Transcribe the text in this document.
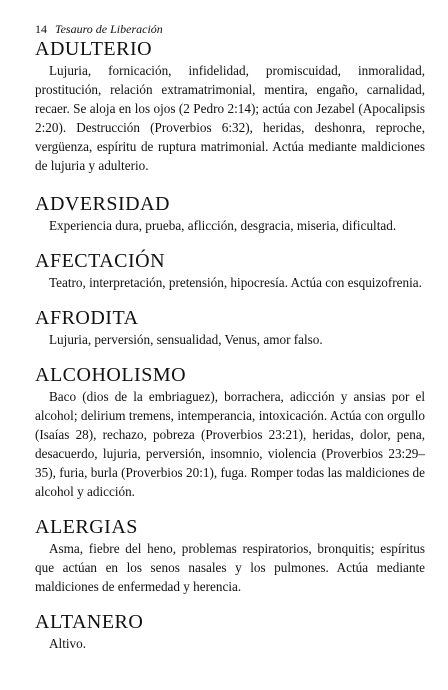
14 Tesauro de Liberación
ADULTERIO

Lujuria, fornicación, infidelidad, promiscuidad, inmoralidad, prostitución, relación extramatrimonial, mentira, engaño, carnalidad, recaer. Se aloja en los ojos (2 Pedro 2:14); actúa con Jezabel (Apocalipsis 2:20). Destrucción (Proverbios 6:32), heridas, deshonra, reproche, vergüenza, espíritu de ruptura matrimonial. Actúa mediante maldiciones de lujuria y adulterio.

ADVERSIDAD

Experiencia dura, prueba, aflicción, desgracia, miseria, dificultad.

AFECTACIÓN

Teatro, interpretación, pretensión, hipocresía. Actúa con esquizofrenia.

AFRODITA

Lujuria, perversión, sensualidad, Venus, amor falso.

ALCOHOLISMO

Baco (dios de la embriaguez), borrachera, adicción y ansias por el alcohol; delirium tremens, intemperancia, intoxicación. Actúa con orgullo (Isaías 28), rechazo, pobreza (Proverbios 23:21), heridas, dolor, pena, desacuerdo, lujuria, perversión, insomnio, violencia (Proverbios 23:29–35), furia, burla (Proverbios 20:1), fuga. Romper todas las maldiciones de alcohol y adicción.

ALERGIAS

Asma, fiebre del heno, problemas respiratorios, bronquitis; espíritus que actúan en los senos nasales y los pulmones. Actúa mediante maldiciones de enfermedad y herencia.

ALTANERO

Altivo.
